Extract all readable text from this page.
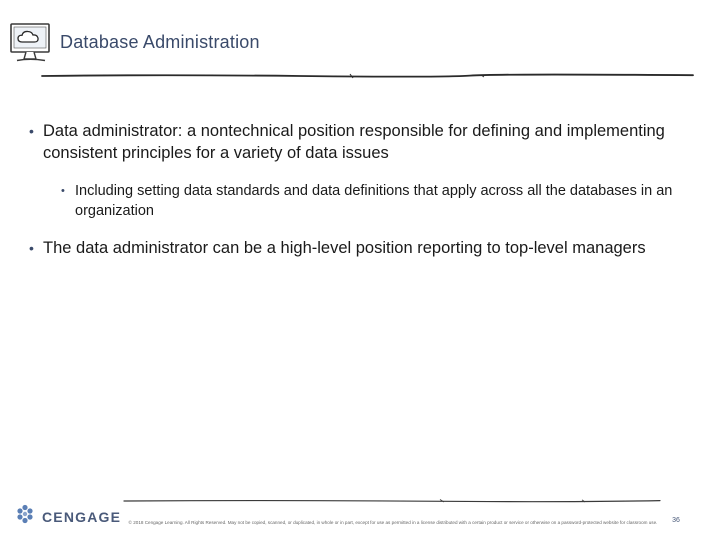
Database Administration
• Data administrator: a nontechnical position responsible for defining and implementing consistent principles for a variety of data issues
• Including setting data standards and data definitions that apply across all the databases in an organization
• The data administrator can be a high-level position reporting to top-level managers
CENGAGE © 2018 Cengage Learning. All Rights Reserved. May not be copied, scanned, or duplicated, in whole or in part, except for use as permitted in a license distributed with a certain product or service or otherwise on a password-protected website for classroom use.	36
